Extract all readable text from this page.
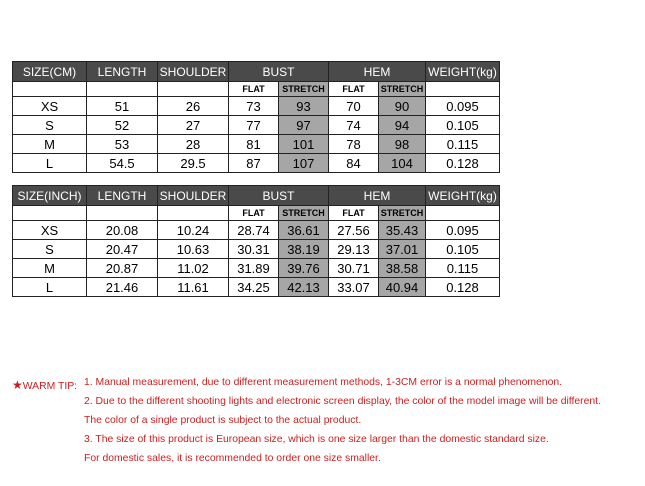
SIZE(CM)	LENGTH	SHOULDER	BUST		HEM		WEIGHT(kg)
			FLAT	STRETCH	FLAT	STRETCH	
XS	51	26	73	93	70	90	0.095
S	52	27	77	97	74	94	0.105
M	53	28	81	101	78	98	0.115
L	54.5	29.5	87	107	84	104	0.128
SIZE(INCH)	LENGTH	SHOULDER	BUST		HEM		WEIGHT(kg)
			FLAT	STRETCH	FLAT	STRETCH	
XS	20.08	10.24	28.74	36.61	27.56	35.43	0.095
S	20.47	10.63	30.31	38.19	29.13	37.01	0.105
M	20.87	11.02	31.89	39.76	30.71	38.58	0.115
L	21.46	11.61	34.25	42.13	33.07	40.94	0.128
★WARM TIP: 1. Manual measurement, due to different measurement methods, 1-3CM error is a normal phenomenon.
2. Due to the different shooting lights and electronic screen display, the color of the model image will be different.
The color of a single product is subject to the actual product.
3. The size of this product is European size, which is one size larger than the domestic standard size.
For domestic sales, it is recommended to order one size smaller.
